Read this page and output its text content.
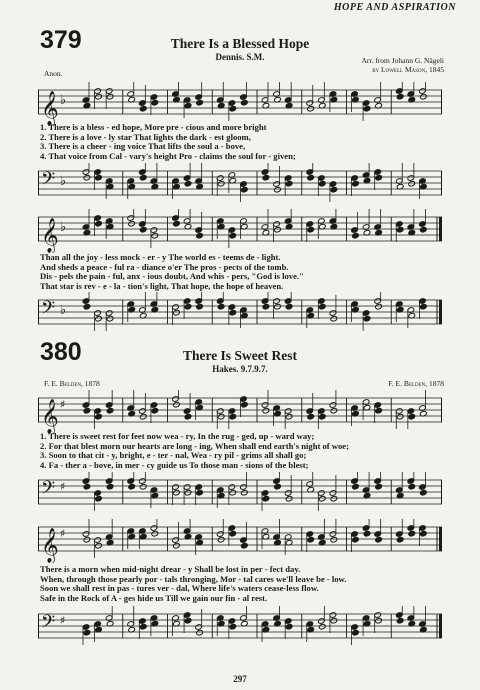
HOPE AND ASPIRATION
379	There Is a Blessed Hope
Dennis. S.M.
Anon.
Arr. from Johann G. Nägeli
by Lowell Mason, 1845
𝄞 ♭
1. There is a bless - ed hope, More pre - cious and more bright
2. There is a love - ly star That lights the dark - est gloom,
3. There is a cheer - ing voice That lifts the soul a - bove,
4. That voice from Cal - vary's height Pro - claims the soul for - given;
𝄢 ♭
𝄞 ♭
Than all the joy - less mock - er - y The world es - teems de - light.
And sheds a peace - ful ra - diance o'er The pros - pects of the tomb.
Dis - pels the pain - ful, anx - ious doubt, And whis - pers, "God is love."
That star is rev - e - la - tion's light, That hope, the hope of heaven.
𝄢 ♭
380	There Is Sweet Rest
Hakes. 9.7.9.7.
F. E. Belden, 1878	F. E. Belden, 1878
𝄞 ♯
1. There is sweet rest for feet now wea - ry, In the rug - ged, up - ward way;
2. For that blest morn our hearts are long - ing, When shall end earth's night of woe;
3. Soon to that cit - y, bright, e - ter - nal, Wea - ry pil - grims all shall go;
4. Fa - ther a - bove, in mer - cy guide us To those man - sions of the blest;
𝄢 ♯
𝄞 ♯
There is a morn when mid-night drear - y Shall be lost in per - fect day.
When, through those pearly por - tals thronging, Mor - tal cares we'll leave be - low.
Soon we shall rest in pas - tures ver - dal, Where life's waters cease-less flow.
Safe in the Rock of A - ges hide us Till we gain our fin - al rest.
𝄢 ♯
297
